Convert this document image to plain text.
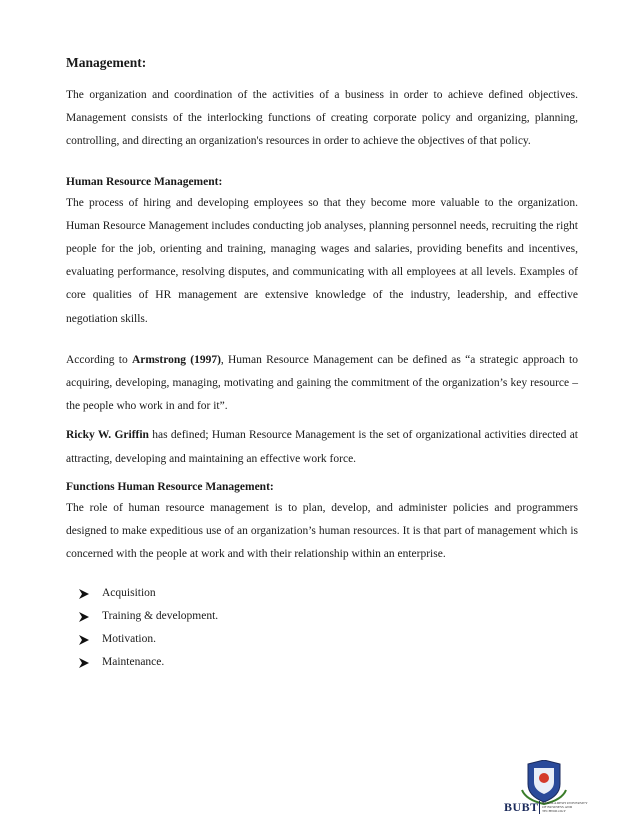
Management:

The organization and coordination of the activities of a business in order to achieve defined objectives. Management consists of the interlocking functions of creating corporate policy and organizing, planning, controlling, and directing an organization's resources in order to achieve the objectives of that policy.

Human Resource Management:

The process of hiring and developing employees so that they become more valuable to the organization. Human Resource Management includes conducting job analyses, planning personnel needs, recruiting the right people for the job, orienting and training, managing wages and salaries, providing benefits and incentives, evaluating performance, resolving disputes, and communicating with all employees at all levels. Examples of core qualities of HR management are extensive knowledge of the industry, leadership, and effective negotiation skills.

According to Armstrong (1997), Human Resource Management can be defined as “a strategic approach to acquiring, developing, managing, motivating and gaining the commitment of the organization’s key resource – the people who work in and for it”.

Ricky W. Griffin has defined; Human Resource Management is the set of organizational activities directed at attracting, developing and maintaining an effective work force.

Functions Human Resource Management:

The role of human resource management is to plan, develop, and administer policies and programmers designed to make expeditious use of an organization’s human resources. It is that part of management which is concerned with the people at work and with their relationship within an enterprise.

Acquisition
Training & development.
Motivation.
Maintenance.
BUBT BANGLADESH UNIVERSITY OF BUSINESS AND TECHNOLOGY
